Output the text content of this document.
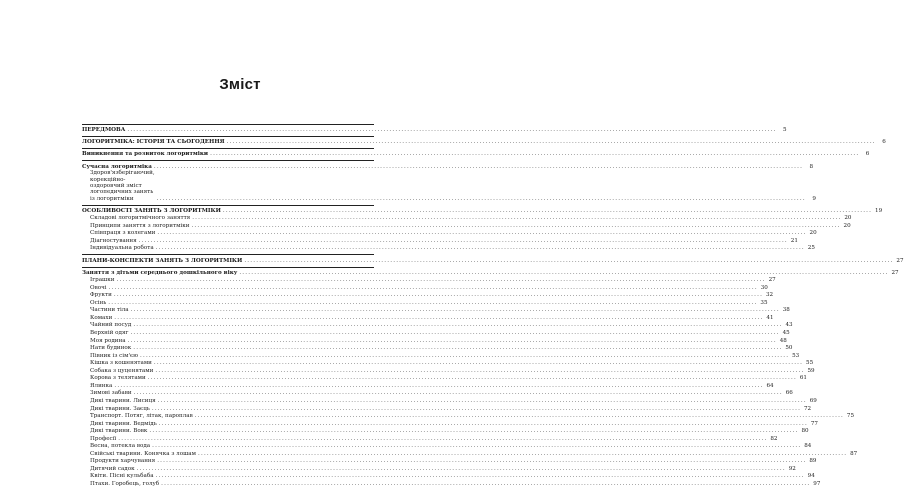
Зміст
ПЕРЕДМОВА .....	5
ЛОГОРИТМІКА: ІСТОРІЯ ТА СЬОГОДЕННЯ .....	6
Виникнення та розвиток логоритміки .....	6
Сучасна логоритміка .....	8
Здоров'язберігаючий, корекційно-оздоровчий зміст логопедичних занять із логоритміки .....	9
ОСОБЛИВОСТІ ЗАНЯТЬ З ЛОГОРИТМІКИ .....	19
Складові логоритмічного заняття .....	20
Принципи заняття з логоритміки .....	20
Співпраця з колегами .....	20
Діагностування .....	21
Індивідуальна робота .....	25
ПЛАНИ-КОНСПЕКТИ ЗАНЯТЬ З ЛОГОРИТМІКИ .....	27
Заняття з дітьми середнього дошкільного віку .....	27
Іграшки .....	27
Овочі .....	30
Фрукти .....	32
Осінь .....	35
Частини тіла .....	38
Комахи .....	41
Чайний посуд .....	43
Верхній одяг .....	45
Моя родина .....	48
Нати будинок .....	50
Півник із сім'єю .....	53
Кішка з кошенятами .....	55
Собака з цуценятами .....	59
Корова з телятами .....	61
Ялинка .....	64
Зимові забави .....	66
Дикі тварини. Лисиця .....	69
Дикі тварини. Заєць .....	72
Транспорт. Потяг, літак, пароплав .....	75
Дикі тварини. Ведмідь .....	77
Дикі тварини. Вовк .....	80
Професії .....	82
Весна, потекла вода .....	84
Свійські тварини. Конячка з лошам .....	87
Продукти харчування .....	89
Дитячий садок .....	92
Квіти. Пісні кульбаба .....	94
Птахи. Горобець, голуб .....	97
